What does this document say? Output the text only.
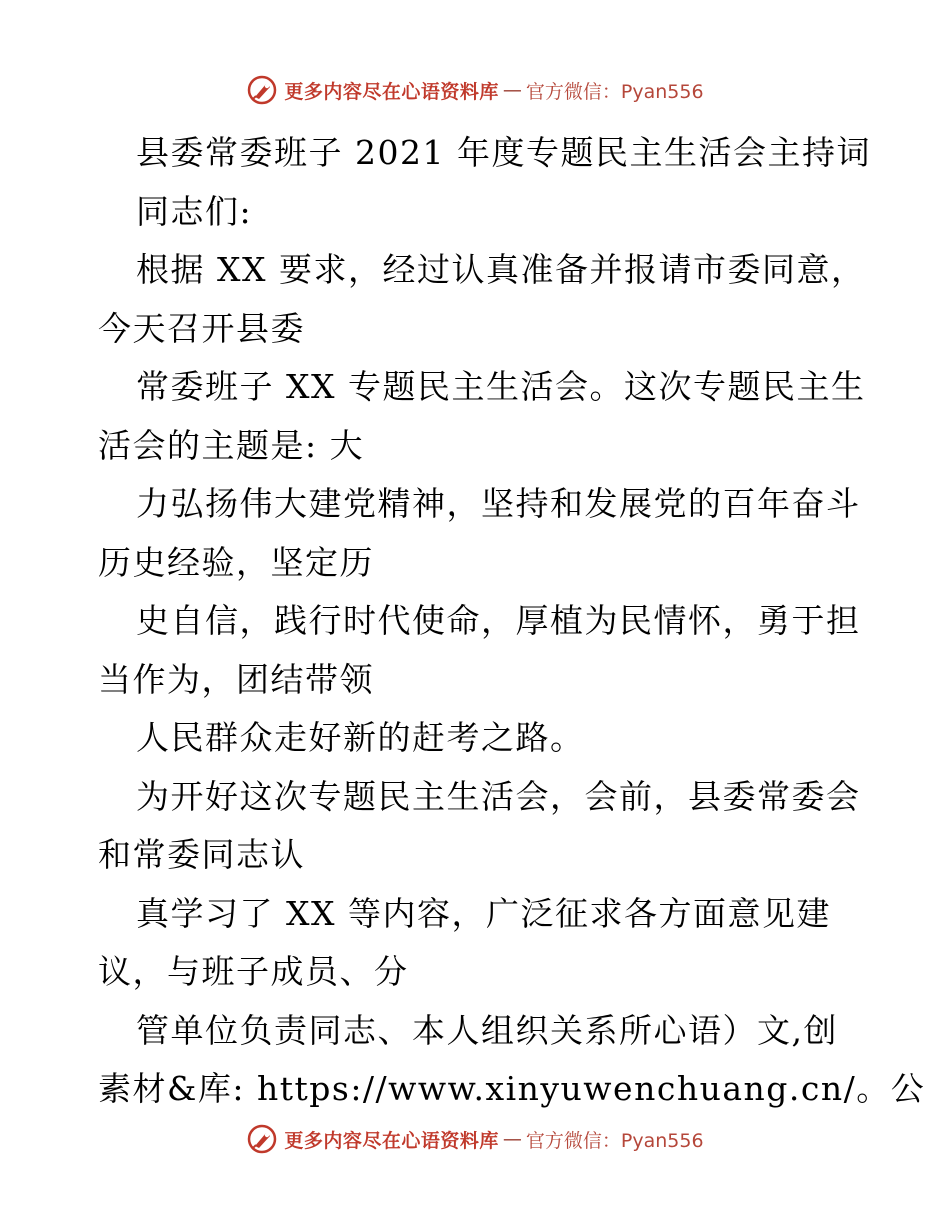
更多内容尽在心语资料库 — 官方微信：Pyan556
县委常委班子 2021 年度专题民主生活会主持词
同志们:
根据 XX 要求，经过认真准备并报请市委同意，
今天召开县委
常委班子 XX 专题民主生活会。这次专题民主生
活会的主题是: 大
力弘扬伟大建党精神，坚持和发展党的百年奋斗
历史经验，坚定历
史自信，践行时代使命，厚植为民情怀，勇于担
当作为，团结带领
人民群众走好新的赶考之路。
为开好这次专题民主生活会，会前，县委常委会
和常委同志认
真学习了 XX 等内容，广泛征求各方面意见建
议，与班子成员、分
管单位负责同志、本人组织关系所心语）文,创
素材&库: https://www.xinyuwenchuang.cn/。公
更多内容尽在心语资料库 — 官方微信：Pyan556
